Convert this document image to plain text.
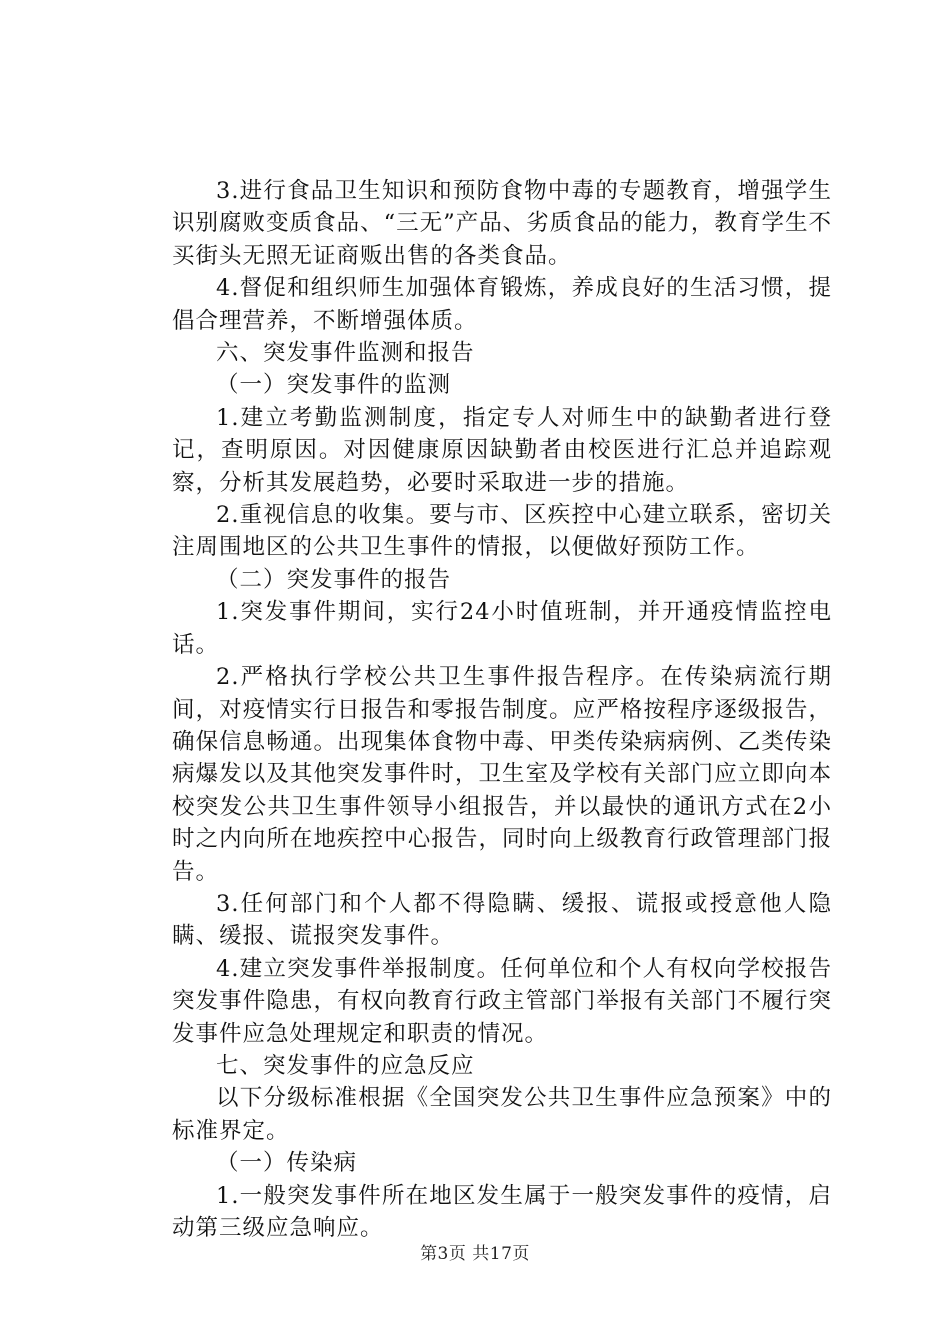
3.进行食品卫生知识和预防食物中毒的专题教育，增强学生识别腐败变质食品、“三无”产品、劣质食品的能力，教育学生不买街头无照无证商贩出售的各类食品。

4.督促和组织师生加强体育锻炼，养成良好的生活习惯，提倡合理营养，不断增强体质。

六、突发事件监测和报告

（一）突发事件的监测

1.建立考勤监测制度，指定专人对师生中的缺勤者进行登记，查明原因。对因健康原因缺勤者由校医进行汇总并追踪观察，分析其发展趋势，必要时采取进一步的措施。

2.重视信息的收集。要与市、区疾控中心建立联系，密切关注周围地区的公共卫生事件的情报，以便做好预防工作。

（二）突发事件的报告

1.突发事件期间，实行24小时值班制，并开通疫情监控电话。

2.严格执行学校公共卫生事件报告程序。在传染病流行期间，对疫情实行日报告和零报告制度。应严格按程序逐级报告，确保信息畅通。出现集体食物中毒、甲类传染病病例、乙类传染病爆发以及其他突发事件时，卫生室及学校有关部门应立即向本校突发公共卫生事件领导小组报告，并以最快的通讯方式在2小时之内向所在地疾控中心报告，同时向上级教育行政管理部门报告。

3.任何部门和个人都不得隐瞒、缓报、谎报或授意他人隐瞒、缓报、谎报突发事件。

4.建立突发事件举报制度。任何单位和个人有权向学校报告突发事件隐患，有权向教育行政主管部门举报有关部门不履行突发事件应急处理规定和职责的情况。

七、突发事件的应急反应

以下分级标准根据《全国突发公共卫生事件应急预案》中的标准界定。

（一）传染病

1.一般突发事件所在地区发生属于一般突发事件的疫情，启动第三级应急响应。

第3页 共17页
